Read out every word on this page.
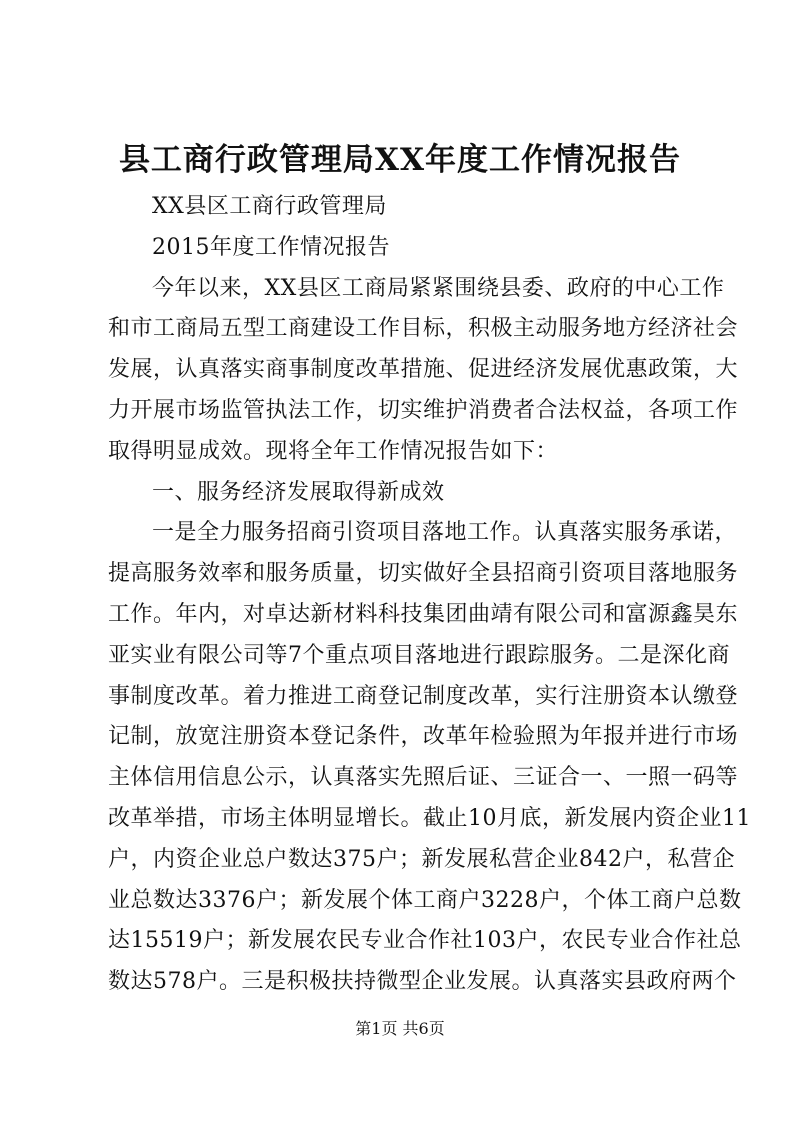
县工商行政管理局XX年度工作情况报告
XX县区工商行政管理局
2015年度工作情况报告
今年以来，XX县区工商局紧紧围绕县委、政府的中心工作
和市工商局五型工商建设工作目标，积极主动服务地方经济社会
发展，认真落实商事制度改革措施、促进经济发展优惠政策，大
力开展市场监管执法工作，切实维护消费者合法权益，各项工作
取得明显成效。现将全年工作情况报告如下：
一、服务经济发展取得新成效
一是全力服务招商引资项目落地工作。认真落实服务承诺，
提高服务效率和服务质量，切实做好全县招商引资项目落地服务
工作。年内，对卓达新材料科技集团曲靖有限公司和富源鑫昊东
亚实业有限公司等7个重点项目落地进行跟踪服务。二是深化商
事制度改革。着力推进工商登记制度改革，实行注册资本认缴登
记制，放宽注册资本登记条件，改革年检验照为年报并进行市场
主体信用信息公示，认真落实先照后证、三证合一、一照一码等
改革举措，市场主体明显增长。截止10月底，新发展内资企业11
户，内资企业总户数达375户；新发展私营企业842户，私营企
业总数达3376户；新发展个体工商户3228户，个体工商户总数
达15519户；新发展农民专业合作社103户，农民专业合作社总
数达578户。三是积极扶持微型企业发展。认真落实县政府两个
第1页 共6页
